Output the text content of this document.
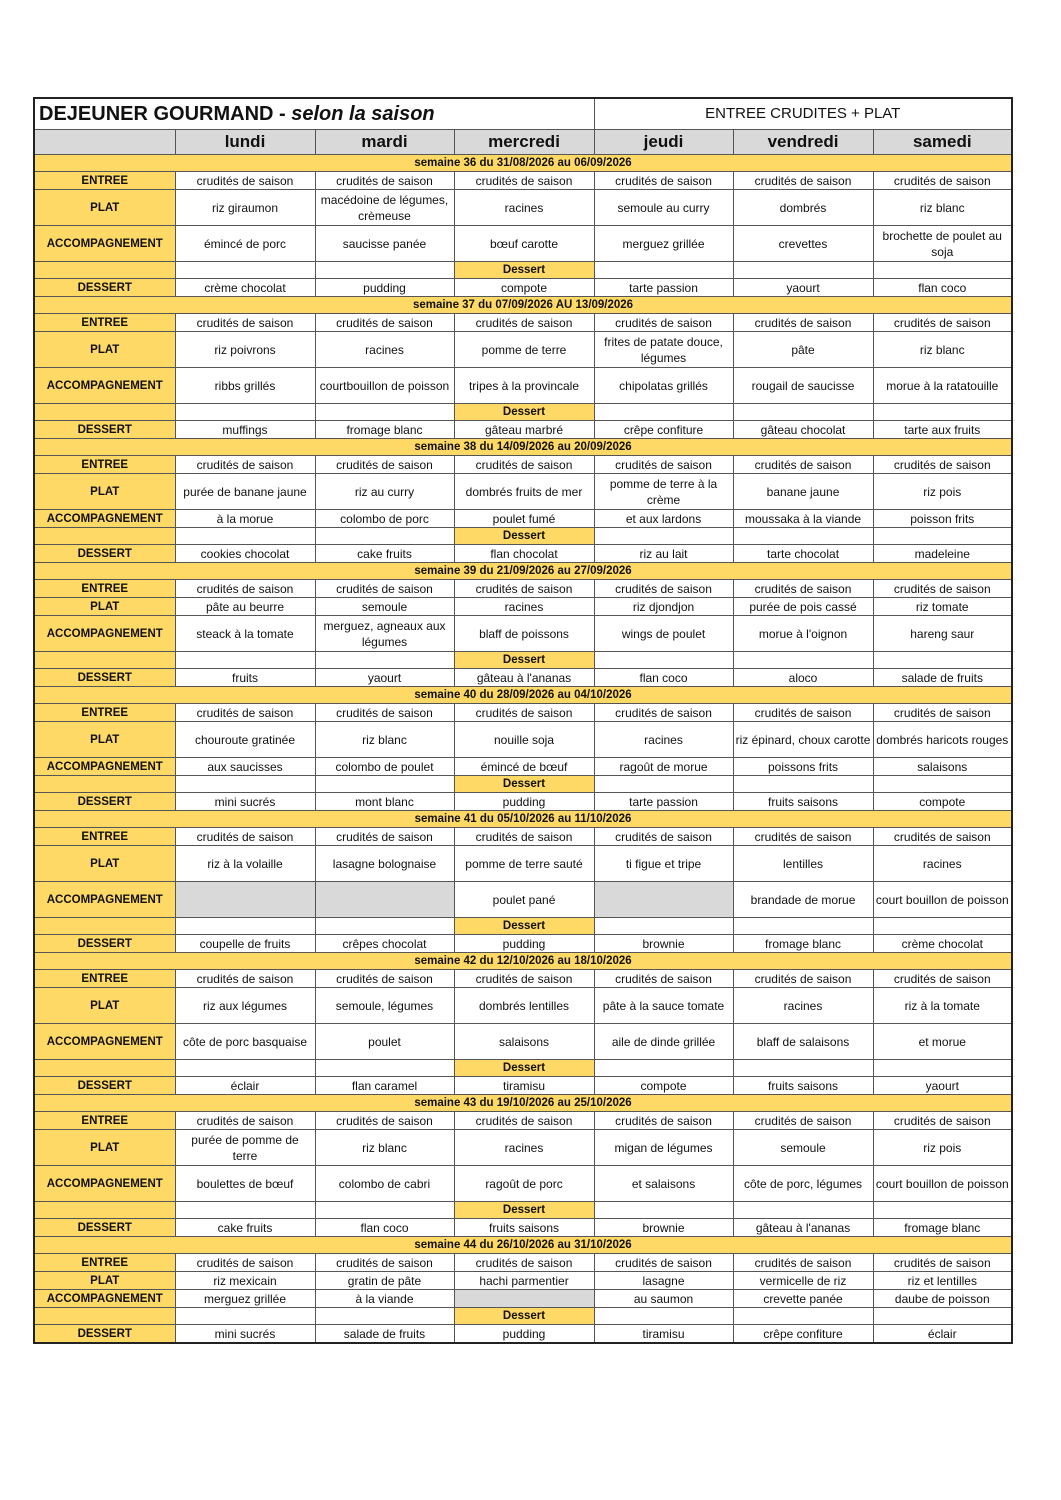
DEJEUNER GOURMAND - selon la saison				ENTREE CRUDITES + PLAT		
	lundi	mardi	mercredi	jeudi	vendredi	samedi
semaine 36 du 31/08/2026 au 06/09/2026						
ENTREE	crudités de saison	crudités de saison	crudités de saison	crudités de saison	crudités de saison	crudités de saison
PLAT	riz giraumon	macédoine de légumes, crèmeuse	racines	semoule au curry	dombrés	riz blanc
ACCOMPAGNEMENT	émincé de porc	saucisse panée	bœuf carotte	merguez grillée	crevettes	brochette de poulet au soja
			Dessert			
DESSERT	crème chocolat	pudding	compote	tarte passion	yaourt	flan coco
semaine 37 du 07/09/2026 AU 13/09/2026						
ENTREE	crudités de saison	crudités de saison	crudités de saison	crudités de saison	crudités de saison	crudités de saison
PLAT	riz poivrons	racines	pomme de terre	frites de patate douce, légumes	pâte	riz blanc
ACCOMPAGNEMENT	ribbs grillés	courtbouillon de poisson	tripes à la provincale	chipolatas grillés	rougail de saucisse	morue à la ratatouille
			Dessert			
DESSERT	muffings	fromage blanc	gâteau marbré	crêpe confiture	gâteau chocolat	tarte aux fruits
semaine 38 du 14/09/2026 au 20/09/2026						
ENTREE	crudités de saison	crudités de saison	crudités de saison	crudités de saison	crudités de saison	crudités de saison
PLAT	purée de banane jaune	riz au curry	dombrés fruits de mer	pomme de terre à la crème	banane jaune	riz pois
ACCOMPAGNEMENT	à la morue	colombo de porc	poulet fumé	et aux lardons	moussaka à la viande	poisson frits
			Dessert			
DESSERT	cookies chocolat	cake fruits	flan chocolat	riz au lait	tarte chocolat	madeleine
semaine 39 du 21/09/2026 au 27/09/2026						
ENTREE	crudités de saison	crudités de saison	crudités de saison	crudités de saison	crudités de saison	crudités de saison
PLAT	pâte au beurre	semoule	racines	riz djondjon	purée de pois cassé	riz tomate
ACCOMPAGNEMENT	steack à la tomate	merguez, agneaux aux légumes	blaff de poissons	wings de poulet	morue à l'oignon	hareng saur
			Dessert			
DESSERT	fruits	yaourt	gâteau à l'ananas	flan coco	aloco	salade de fruits
semaine 40 du 28/09/2026 au 04/10/2026						
ENTREE	crudités de saison	crudités de saison	crudités de saison	crudités de saison	crudités de saison	crudités de saison
PLAT	chouroute gratinée	riz blanc	nouille soja	racines	riz épinard, choux carotte	dombrés haricots rouges
ACCOMPAGNEMENT	aux saucisses	colombo de poulet	émincé de bœuf	ragoût de morue	poissons frits	salaisons
			Dessert			
DESSERT	mini sucrés	mont blanc	pudding	tarte passion	fruits saisons	compote
semaine 41 du 05/10/2026 au 11/10/2026						
ENTREE	crudités de saison	crudités de saison	crudités de saison	crudités de saison	crudités de saison	crudités de saison
PLAT	riz à la volaille	lasagne bolognaise	pomme de terre sauté	ti figue et tripe	lentilles	racines
ACCOMPAGNEMENT			poulet pané		brandade de morue	court bouillon de poisson
			Dessert			
DESSERT	coupelle de fruits	crêpes chocolat	pudding	brownie	fromage blanc	crème chocolat
semaine 42 du 12/10/2026 au 18/10/2026						
ENTREE	crudités de saison	crudités de saison	crudités de saison	crudités de saison	crudités de saison	crudités de saison
PLAT	riz aux légumes	semoule, légumes	dombrés lentilles	pâte à la sauce tomate	racines	riz à la tomate
ACCOMPAGNEMENT	côte de porc basquaise	poulet	salaisons	aile de dinde grillée	blaff de salaisons	et morue
			Dessert			
DESSERT	éclair	flan caramel	tiramisu	compote	fruits saisons	yaourt
semaine 43 du 19/10/2026 au 25/10/2026						
ENTREE	crudités de saison	crudités de saison	crudités de saison	crudités de saison	crudités de saison	crudités de saison
PLAT	purée de pomme de terre	riz blanc	racines	migan de légumes	semoule	riz pois
ACCOMPAGNEMENT	boulettes de bœuf	colombo de cabri	ragoût de porc	et salaisons	côte de porc, légumes	court bouillon de poisson
			Dessert			
DESSERT	cake fruits	flan coco	fruits saisons	brownie	gâteau à l'ananas	fromage blanc
semaine 44 du 26/10/2026 au 31/10/2026						
ENTREE	crudités de saison	crudités de saison	crudités de saison	crudités de saison	crudités de saison	crudités de saison
PLAT	riz mexicain	gratin de pâte	hachi parmentier	lasagne	vermicelle de riz	riz et lentilles
ACCOMPAGNEMENT	merguez grillée	à la viande		au saumon	crevette panée	daube de poisson
			Dessert			
DESSERT	mini sucrés	salade de fruits	pudding	tiramisu	crêpe confiture	éclair
